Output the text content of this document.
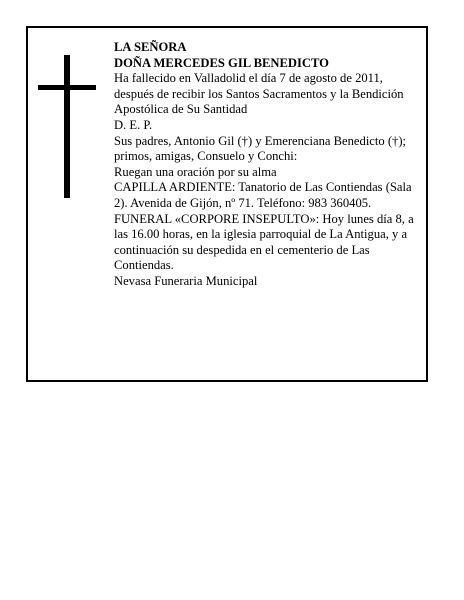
LA SEÑORA

DOÑA MERCEDES GIL BENEDICTO

Ha fallecido en Valladolid el día 7 de agosto de 2011, después de recibir los Santos Sacramentos y la Bendición Apostólica de Su Santidad

D. E. P.

Sus padres, Antonio Gil (†) y Emerenciana Benedicto (†); primos, amigas, Consuelo y Conchi:

Ruegan una oración por su alma

CAPILLA ARDIENTE: Tanatorio de Las Contiendas (Sala 2). Avenida de Gijón, nº 71. Teléfono: 983 360405.

FUNERAL «CORPORE INSEPULTO»: Hoy lunes día 8, a las 16.00 horas, en la iglesia parroquial de La Antigua, y a continuación su despedida en el cementerio de Las Contiendas.

Nevasa Funeraria Municipal
